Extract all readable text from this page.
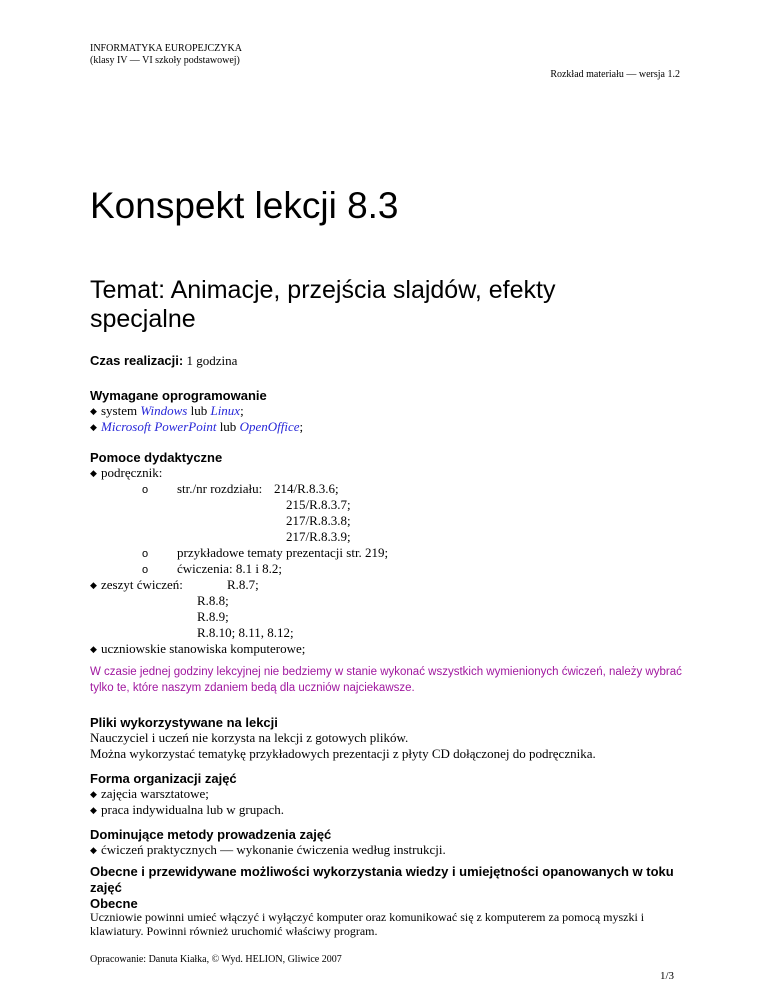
INFORMATYKA EUROPEJCZYKA
(klasy IV — VI szkoły podstawowej)
Rozkład materiału — wersja 1.2
Konspekt lekcji 8.3
Temat: Animacje, przejścia slajdów, efekty specjalne
Czas realizacji: 1 godzina
Wymagane oprogramowanie
◆ system Windows lub Linux;
◆ Microsoft PowerPoint lub OpenOffice;
Pomoce dydaktyczne
◆ podręcznik:
o str./nr rozdziału: 214/R.8.3.6;
215/R.8.3.7;
217/R.8.3.8;
217/R.8.3.9;
o przykładowe tematy prezentacji str. 219;
o ćwiczenia: 8.1 i 8.2;
◆ zeszyt ćwiczeń:	R.8.7;
R.8.8;
R.8.9;
R.8.10; 8.11, 8.12;
◆ uczniowskie stanowiska komputerowe;
W czasie jednej godziny lekcyjnej nie bedziemy w stanie wykonać wszystkich wymienionych ćwiczeń, należy wybrać tylko te, które naszym zdaniem bedą dla uczniów najciekawsze.
Pliki wykorzystywane na lekcji
Nauczyciel i uczeń nie korzysta na lekcji z gotowych plików.
Można wykorzystać tematykę przykładowych prezentacji z płyty CD dołączonej do podręcznika.
Forma organizacji zajęć
◆ zajęcia warsztatowe;
◆ praca indywidualna lub w grupach.
Dominujące metody prowadzenia zajęć
◆ ćwiczeń praktycznych — wykonanie ćwiczenia według instrukcji.
Obecne i przewidywane możliwości wykorzystania wiedzy i umiejętności opanowanych w toku zajęć
Obecne
Uczniowie powinni umieć włączyć i wyłączyć komputer oraz komunikować się z komputerem za pomocą myszki i klawiatury. Powinni również uruchomić właściwy program.
Opracowanie: Danuta Kiałka, © Wyd. HELION, Gliwice 2007
1/3
